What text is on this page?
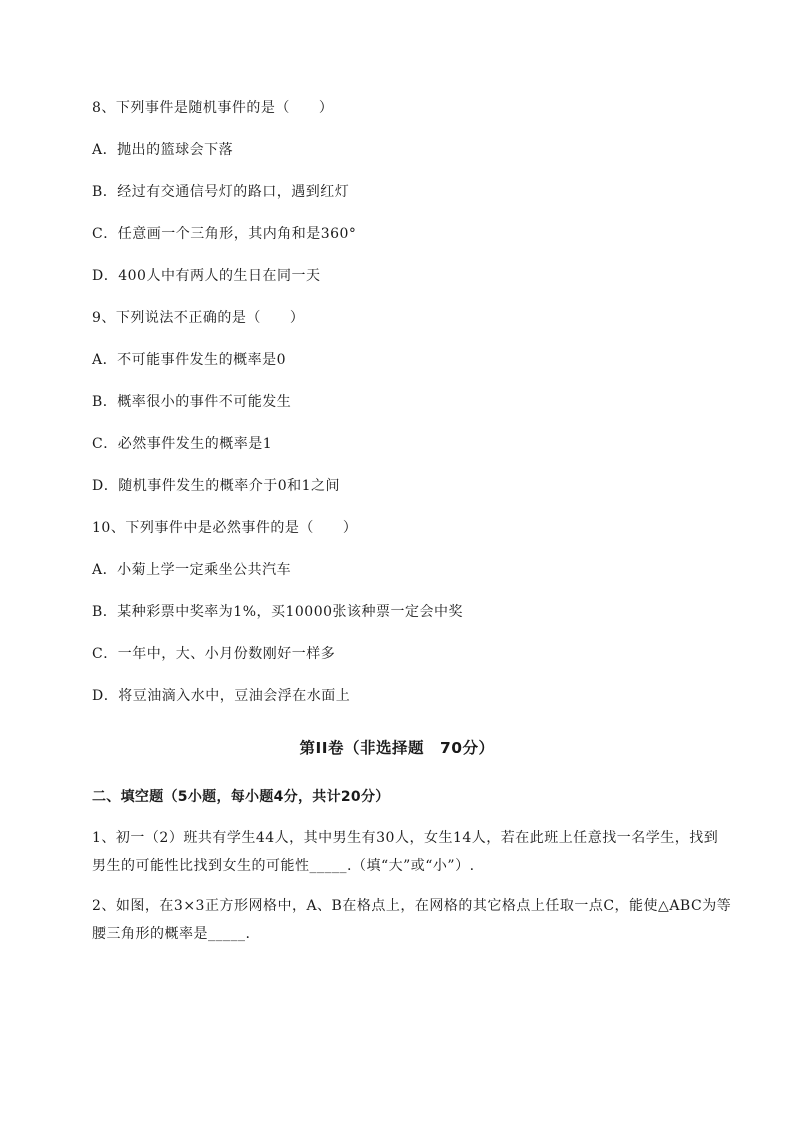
8、下列事件是随机事件的是（　　）
A．抛出的篮球会下落
B．经过有交通信号灯的路口，遇到红灯
C．任意画一个三角形，其内角和是360°
D．400人中有两人的生日在同一天
9、下列说法不正确的是（　　）
A．不可能事件发生的概率是0
B．概率很小的事件不可能发生
C．必然事件发生的概率是1
D．随机事件发生的概率介于0和1之间
10、下列事件中是必然事件的是（　　）
A．小菊上学一定乘坐公共汽车
B．某种彩票中奖率为1%，买10000张该种票一定会中奖
C．一年中，大、小月份数刚好一样多
D．将豆油滴入水中，豆油会浮在水面上
第II卷（非选择题　70分）
二、填空题（5小题，每小题4分，共计20分）
1、初一（2）班共有学生44人，其中男生有30人，女生14人，若在此班上任意找一名学生，找到
男生的可能性比找到女生的可能性_____.（填“大”或“小”）.
2、如图，在3×3正方形网格中，A、B在格点上，在网格的其它格点上任取一点C，能使△ABC为等
腰三角形的概率是_____.
